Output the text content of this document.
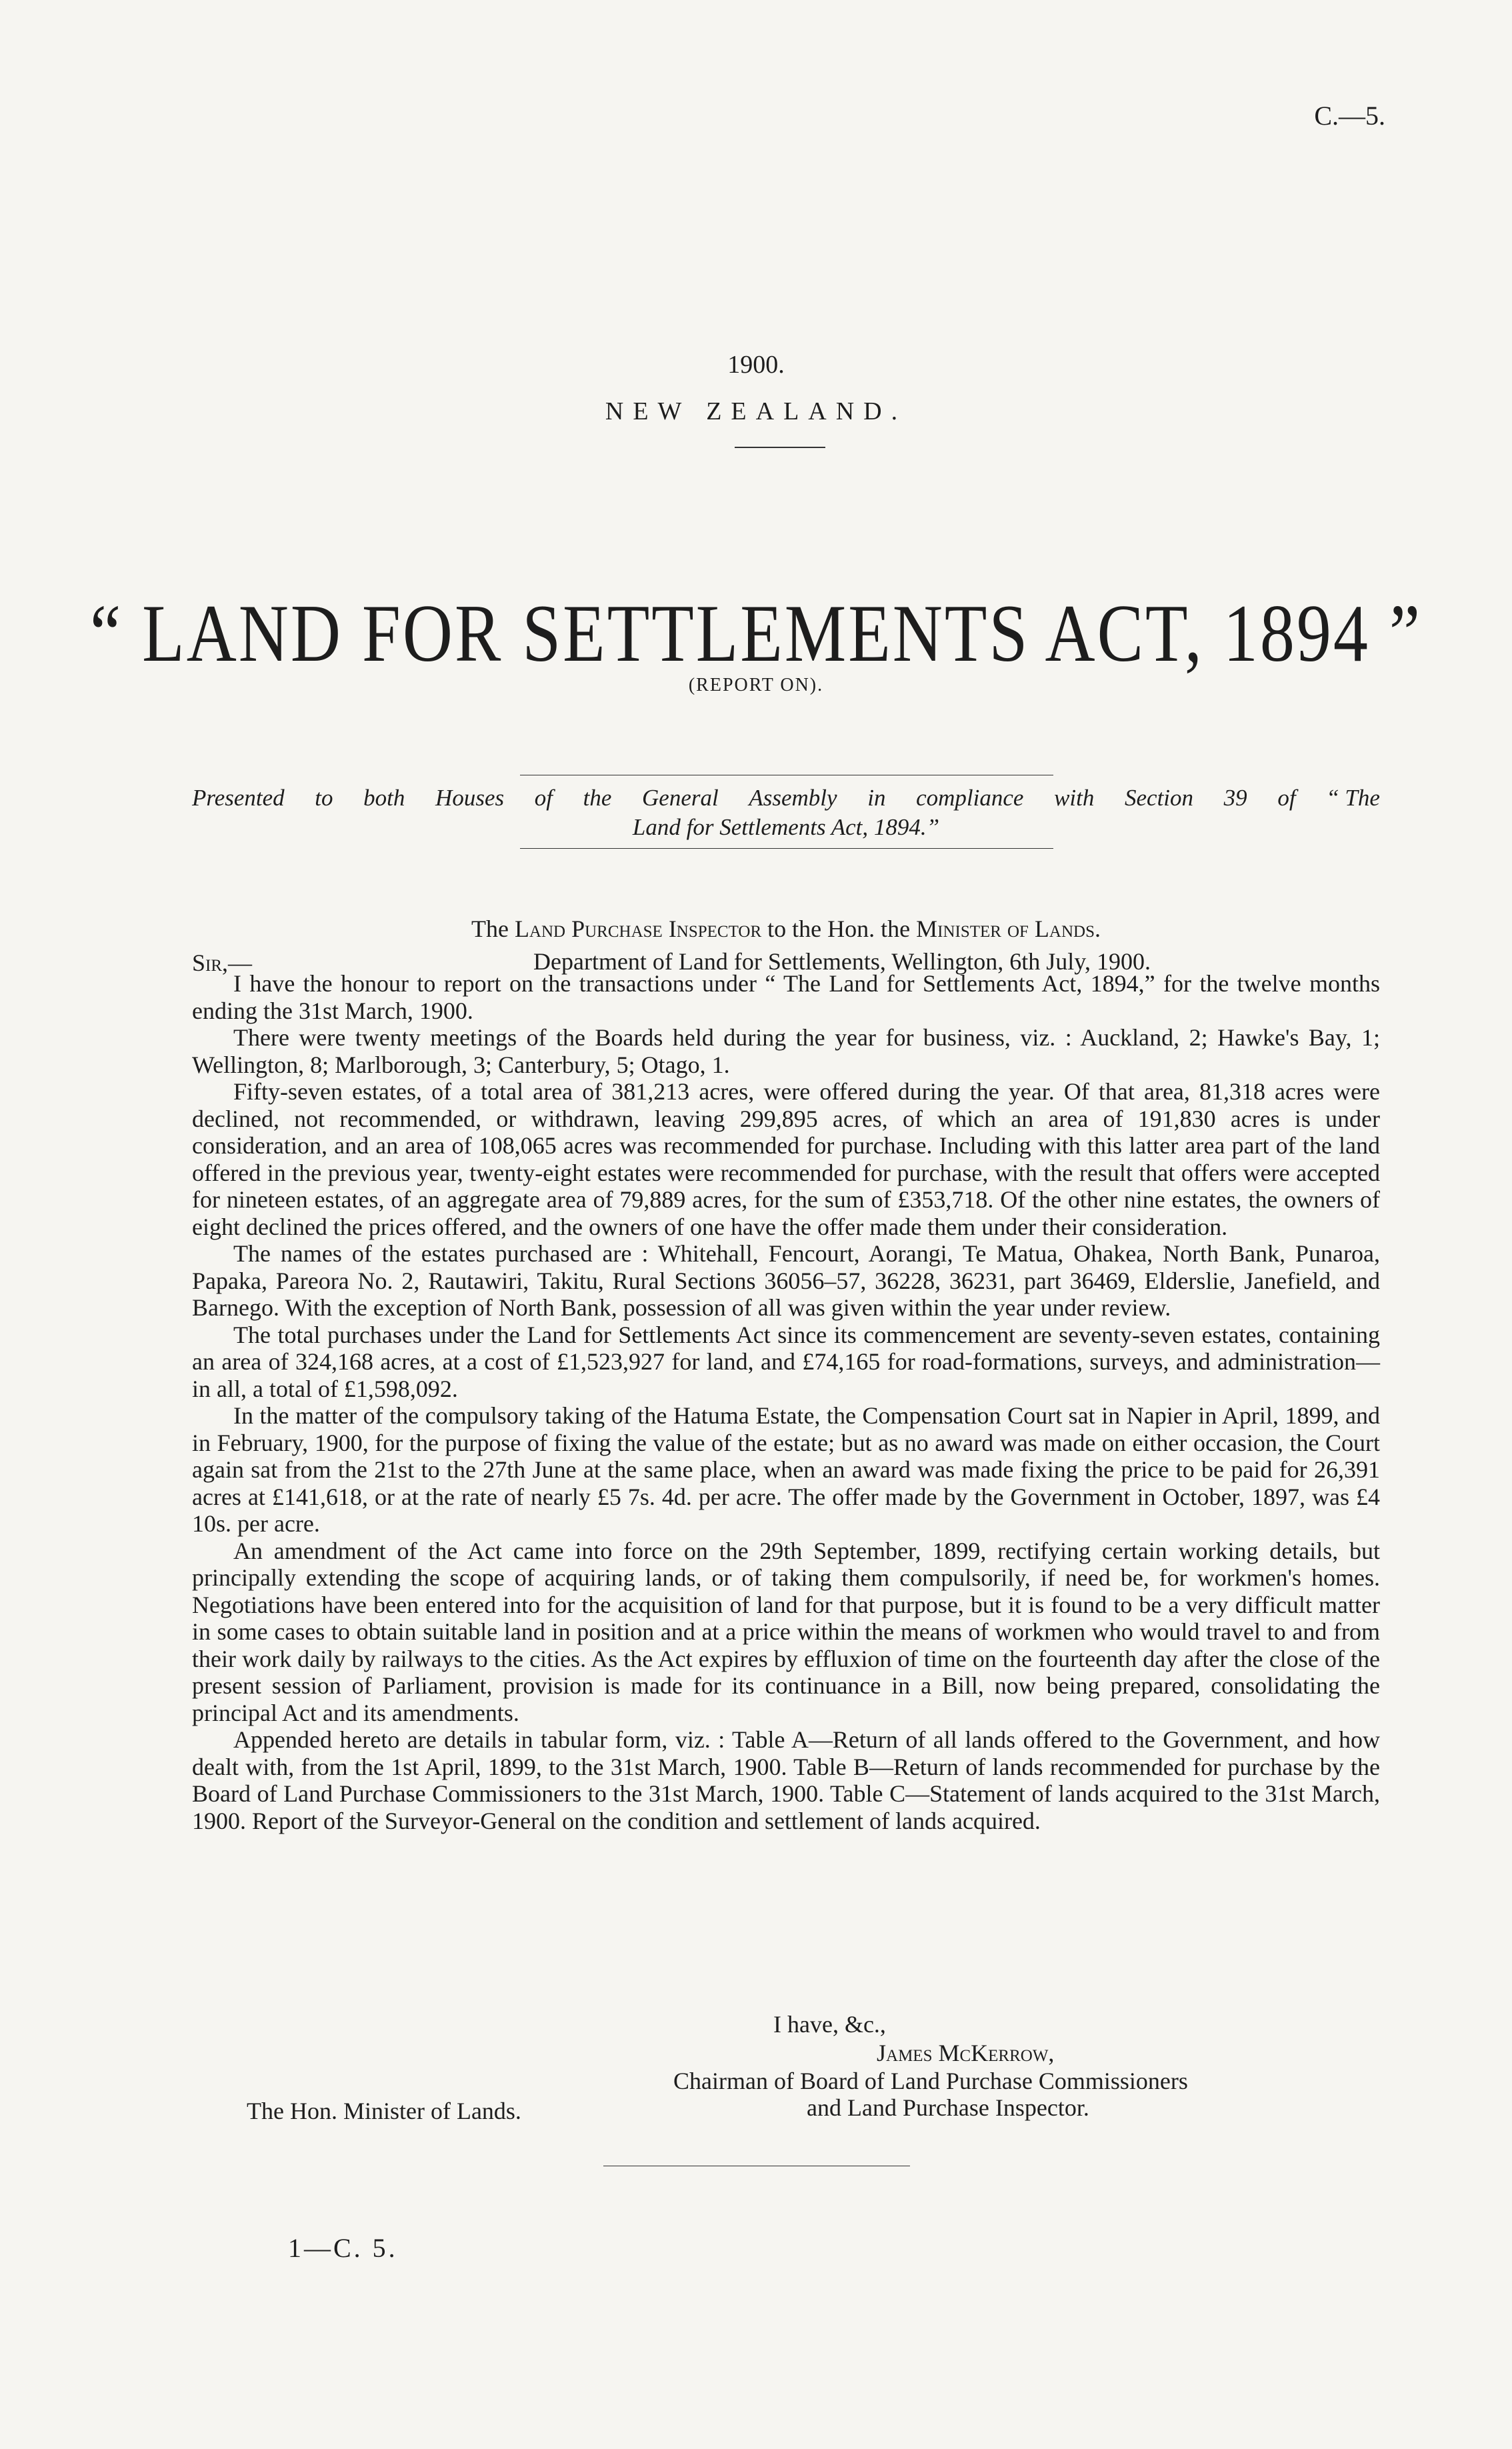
C.—5.
1900.
NEW ZEALAND.
“ LAND FOR SETTLEMENTS ACT, 1894 ”
(REPORT ON).
Presented to both Houses of the General Assembly in compliance with Section 39 of “ The
Land for Settlements Act, 1894.”
The Land Purchase Inspector to the Hon. the Minister of Lands.
Sir,—	Department of Land for Settlements, Wellington, 6th July, 1900.

I have the honour to report on the transactions under “ The Land for Settlements Act, 1894,” for the twelve months ending the 31st March, 1900.

There were twenty meetings of the Boards held during the year for business, viz. : Auckland, 2; Hawke's Bay, 1; Wellington, 8; Marlborough, 3; Canterbury, 5; Otago, 1.

Fifty-seven estates, of a total area of 381,213 acres, were offered during the year. Of that area, 81,318 acres were declined, not recommended, or withdrawn, leaving 299,895 acres, of which an area of 191,830 acres is under consideration, and an area of 108,065 acres was recommended for purchase. Including with this latter area part of the land offered in the previous year, twenty-eight estates were recommended for purchase, with the result that offers were accepted for nineteen estates, of an aggregate area of 79,889 acres, for the sum of £353,718. Of the other nine estates, the owners of eight declined the prices offered, and the owners of one have the offer made them under their consideration.

The names of the estates purchased are : Whitehall, Fencourt, Aorangi, Te Matua, Ohakea, North Bank, Punaroa, Papaka, Pareora No. 2, Rautawiri, Takitu, Rural Sections 36056–57, 36228, 36231, part 36469, Elderslie, Janefield, and Barnego. With the exception of North Bank, possession of all was given within the year under review.

The total purchases under the Land for Settlements Act since its commencement are seventy-seven estates, containing an area of 324,168 acres, at a cost of £1,523,927 for land, and £74,165 for road-formations, surveys, and administration—in all, a total of £1,598,092.

In the matter of the compulsory taking of the Hatuma Estate, the Compensation Court sat in Napier in April, 1899, and in February, 1900, for the purpose of fixing the value of the estate; but as no award was made on either occasion, the Court again sat from the 21st to the 27th June at the same place, when an award was made fixing the price to be paid for 26,391 acres at £141,618, or at the rate of nearly £5 7s. 4d. per acre. The offer made by the Government in October, 1897, was £4 10s. per acre.

An amendment of the Act came into force on the 29th September, 1899, rectifying certain working details, but principally extending the scope of acquiring lands, or of taking them compulsorily, if need be, for workmen's homes. Negotiations have been entered into for the acquisition of land for that purpose, but it is found to be a very difficult matter in some cases to obtain suitable land in position and at a price within the means of workmen who would travel to and from their work daily by railways to the cities. As the Act expires by effluxion of time on the fourteenth day after the close of the present session of Parliament, provision is made for its continuance in a Bill, now being prepared, consolidating the principal Act and its amendments.

Appended hereto are details in tabular form, viz. : Table A—Return of all lands offered to the Government, and how dealt with, from the 1st April, 1899, to the 31st March, 1900. Table B—Return of lands recommended for purchase by the Board of Land Purchase Commissioners to the 31st March, 1900. Table C—Statement of lands acquired to the 31st March, 1900. Report of the Surveyor-General on the condition and settlement of lands acquired.

I have, &c.,
James McKerrow,
Chairman of Board of Land Purchase Commissioners
and Land Purchase Inspector.
The Hon. Minister of Lands.
1—C. 5.
